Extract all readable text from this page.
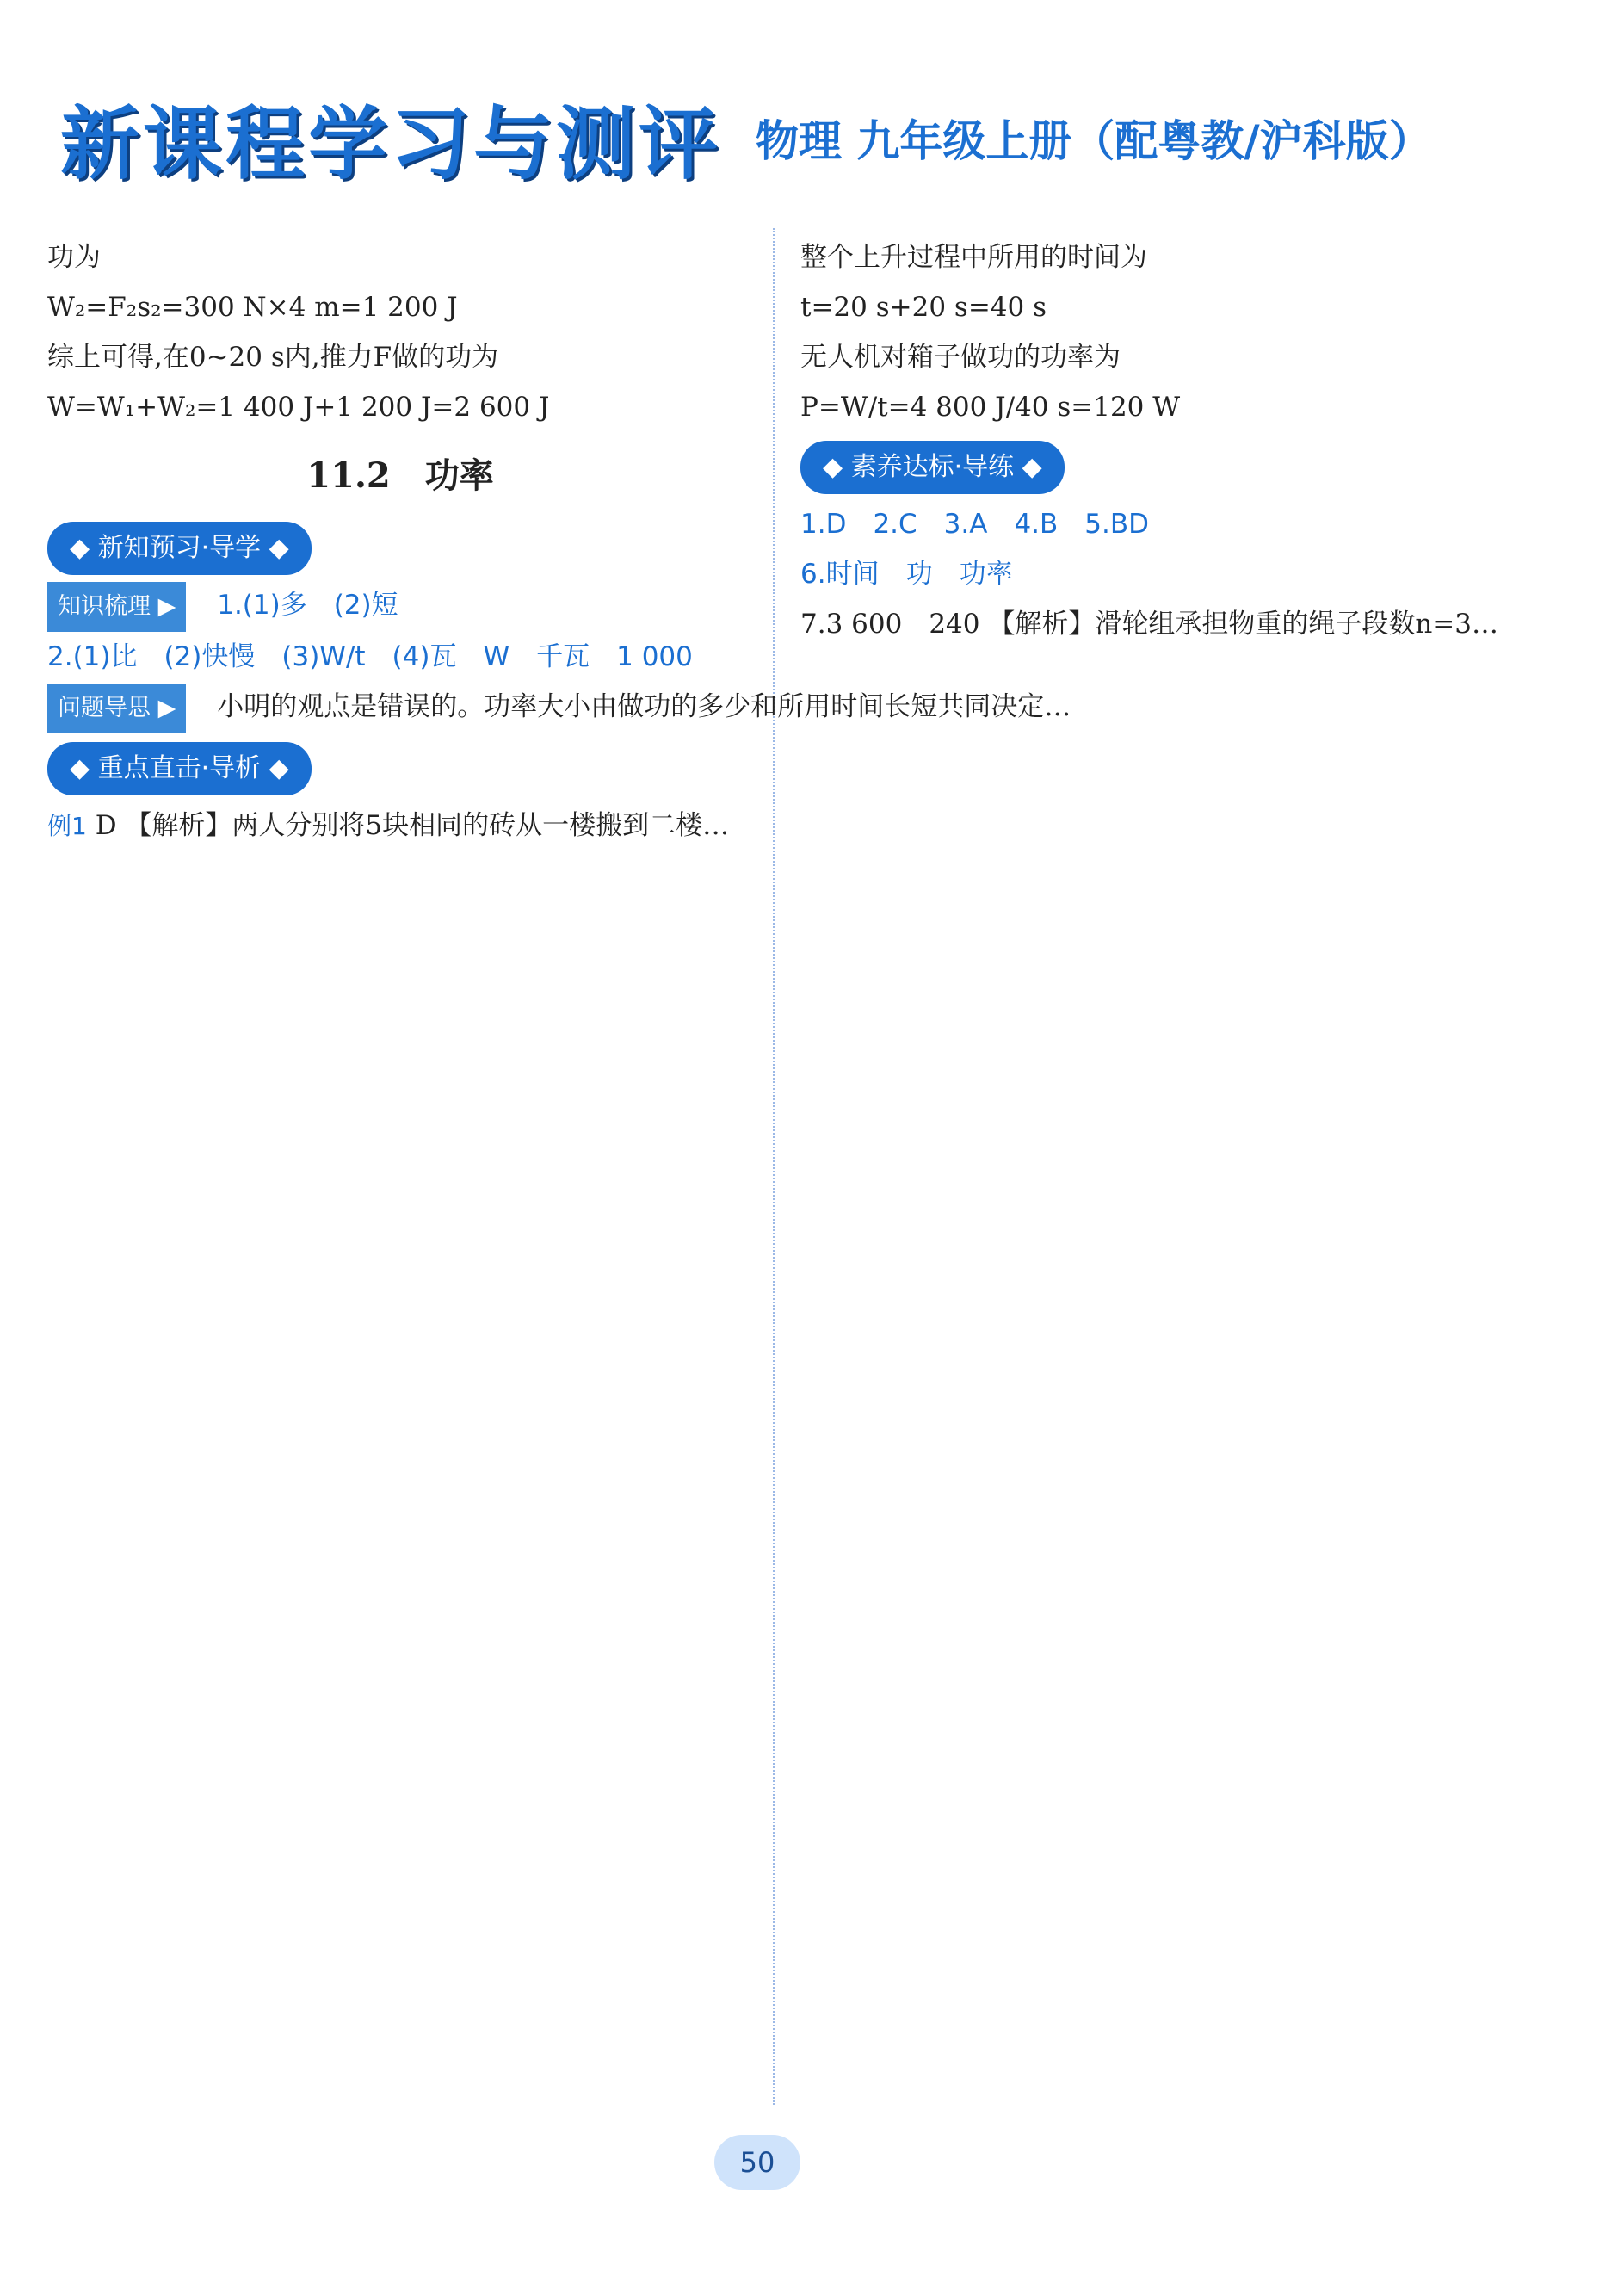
新课程学习与测评 物理 九年级上册（配粤教/沪科版）
功为
W₂=F₂s₂=300 N×4 m=1 200 J
综上可得,在0~20 s内,推力F做的功为
W=W₁+W₂=1 400 J+1 200 J=2 600 J
11.2　功率
◆ 新知预习·导学 ◆
知识梳理 ▶ 1.(1)多　(2)短
2.(1)比　(2)快慢　(3)W/t　(4)瓦　W　千瓦　1 000
问题导思 ▶ 小明的观点是错误的。功率大小由做功的多少和所用时间长短共同决定…
◆ 重点直击·导析 ◆
例1 D 【解析】两人分别将5块相同的砖从一楼搬到二楼…
整个上升过程中所用的时间为
t=20 s+20 s=40 s
无人机对箱子做功的功率为
P=W/t=4 800 J/40 s=120 W
◆ 素养达标·导练 ◆
1.D　2.C　3.A　4.B　5.BD
6.时间　功　功率
7.3 600　240 【解析】滑轮组承担物重的绳子段数n=3…
50
